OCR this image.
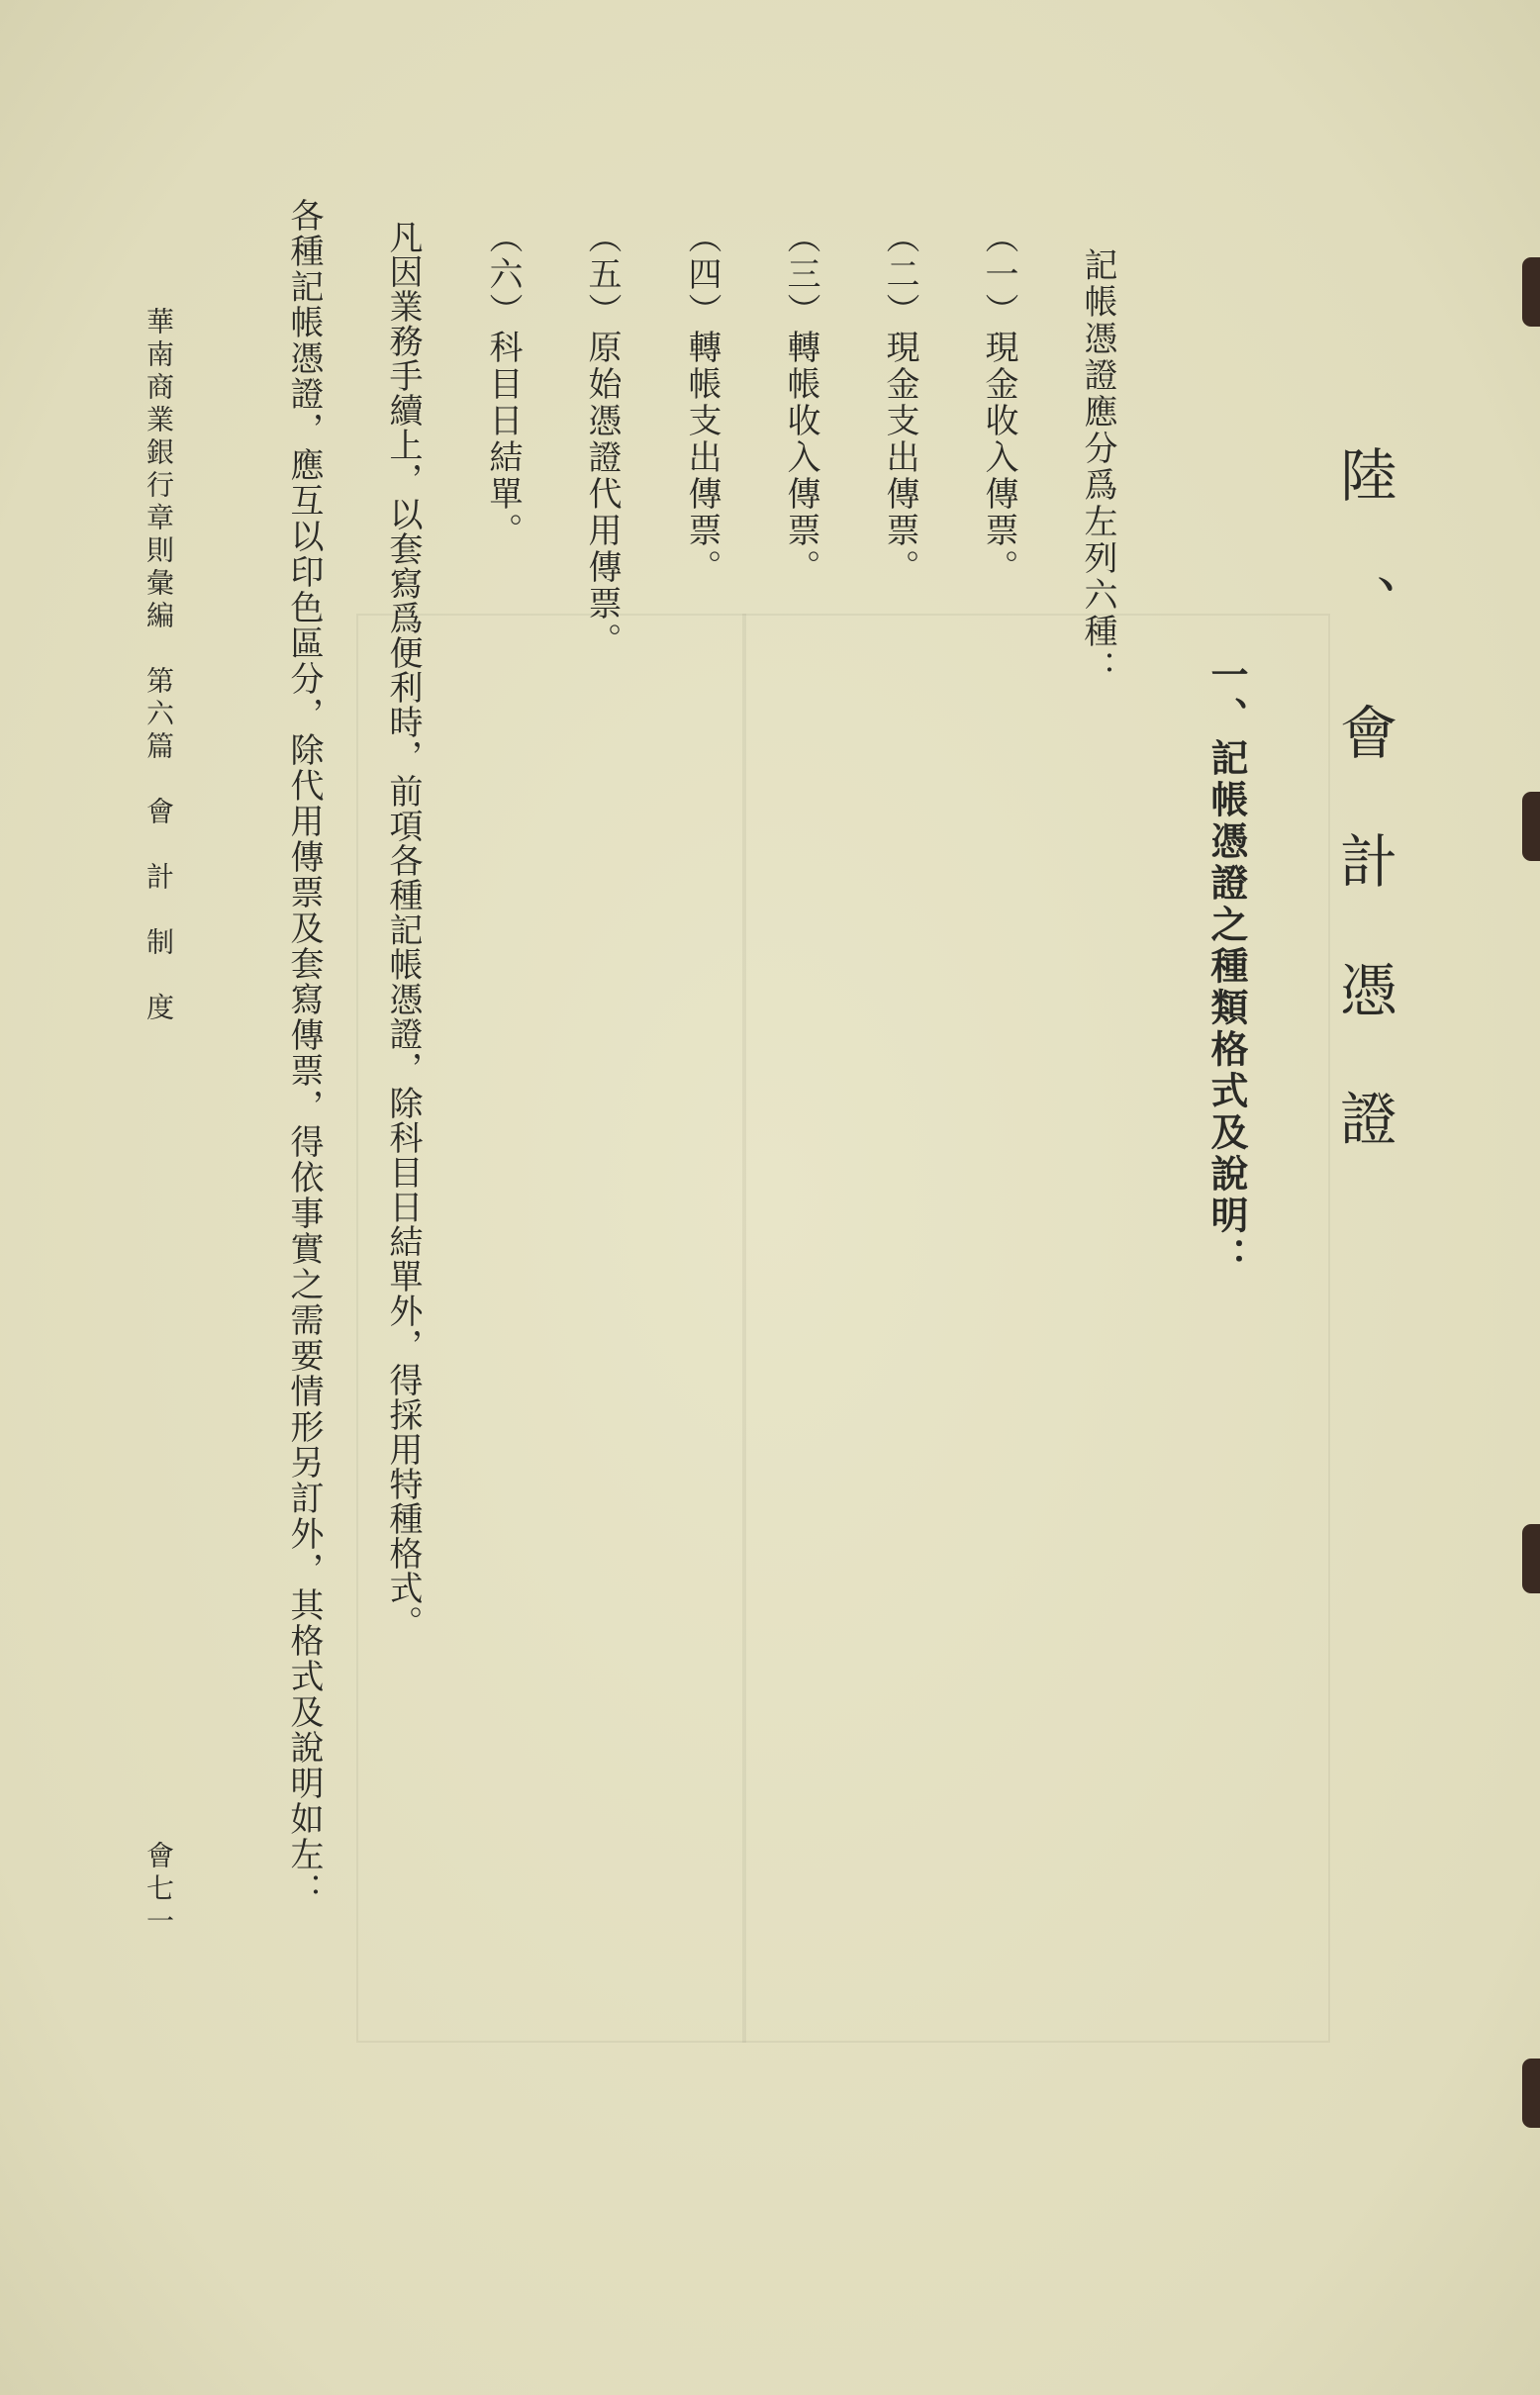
陸、會計憑證
一、記帳憑證之種類格式及說明：
記帳憑證應分爲左列六種：
（一）現金收入傳票。
（二）現金支出傳票。
（三）轉帳收入傳票。
（四）轉帳支出傳票。
（五）原始憑證代用傳票。
（六）科目日結單。
凡因業務手續上，以套寫爲便利時，前項各種記帳憑證，除科目日結單外，得採用特種格式。
各種記帳憑證，應互以印色區分，除代用傳票及套寫傳票，得依事實之需要情形另訂外，其格式及說明如左：
華南商業銀行章則彙編　第六篇　會　計　制　度
會七一
